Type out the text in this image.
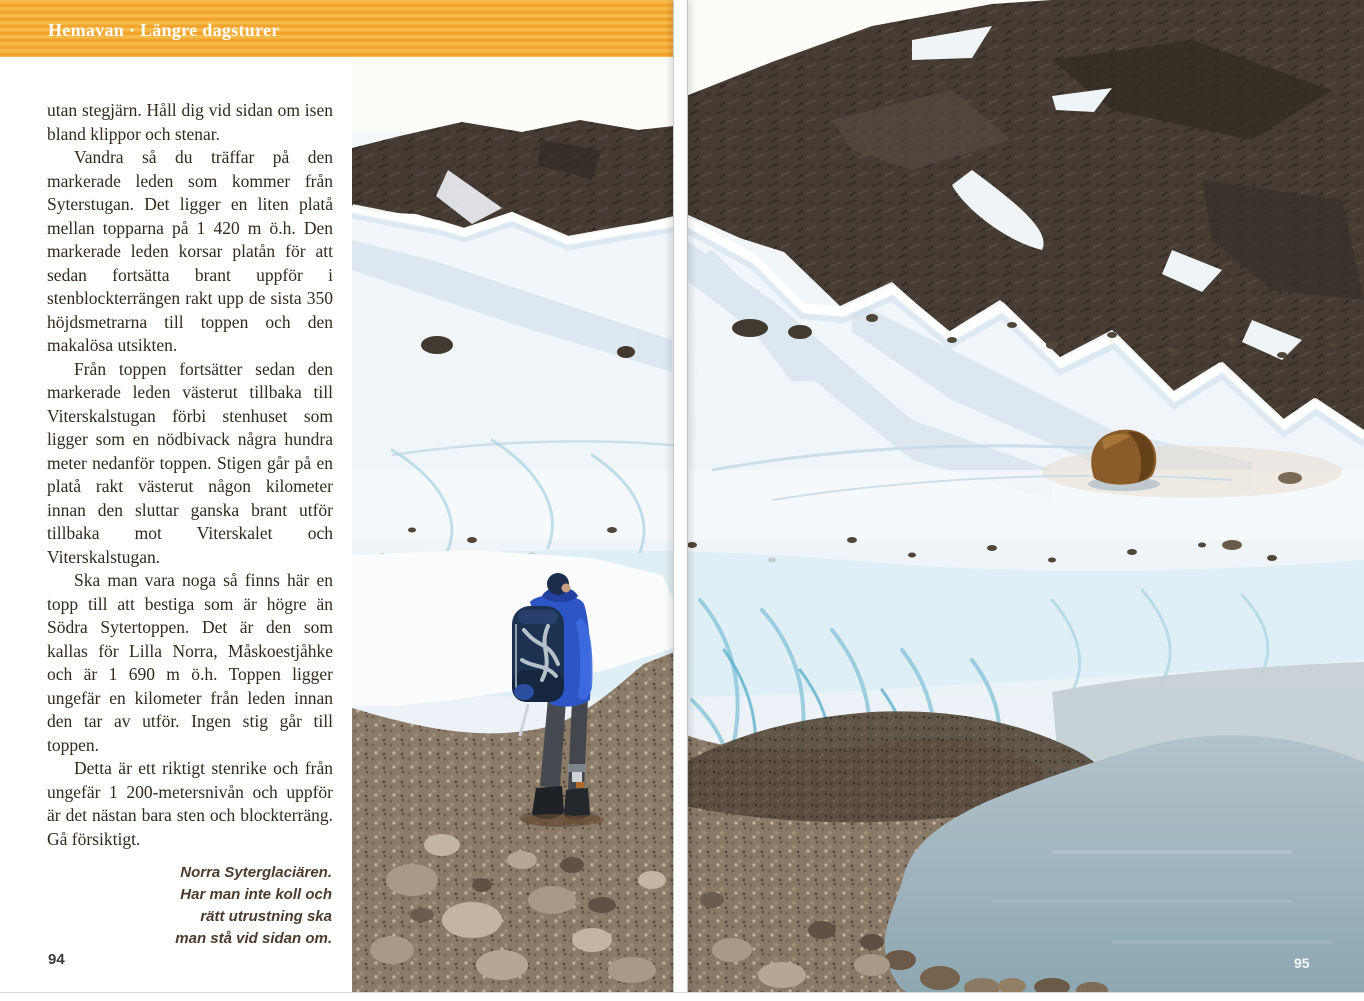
utan stegjärn. Håll dig vid sidan om isen bland klippor och stenar.

Vandra så du träffar på den markerade leden som kommer från Syterstugan. Det ligger en liten platå mellan topparna på 1 420 m ö.h. Den markerade leden korsar platån för att sedan fortsätta brant uppför i stenblockterrängen rakt upp de sista 350 höjdsmetrarna till toppen och den makalösa utsikten.

Från toppen fortsätter sedan den markerade leden västerut tillbaka till Viterskalstugan förbi stenhuset som ligger som en nödbivack några hundra meter nedanför toppen. Stigen går på en platå rakt västerut någon kilometer innan den sluttar ganska brant utför tillbaka mot Viterskalet och Viterskalstugan.

Ska man vara noga så finns här en topp till att bestiga som är högre än Södra Sytertoppen. Det är den som kallas för Lilla Norra, Måskoestjåhke och är 1 690 m ö.h. Toppen ligger ungefär en kilometer från leden innan den tar av utför. Ingen stig går till toppen.

Detta är ett riktigt stenrike och från ungefär 1 200-metersnivån och uppför är det nästan bara sten och blockterräng. Gå försiktigt.

Norra Syterglaciären.
Har man inte koll och
rätt utrustning ska
man stå vid sidan om.
94
Hemavan · Längre dagsturer
95
